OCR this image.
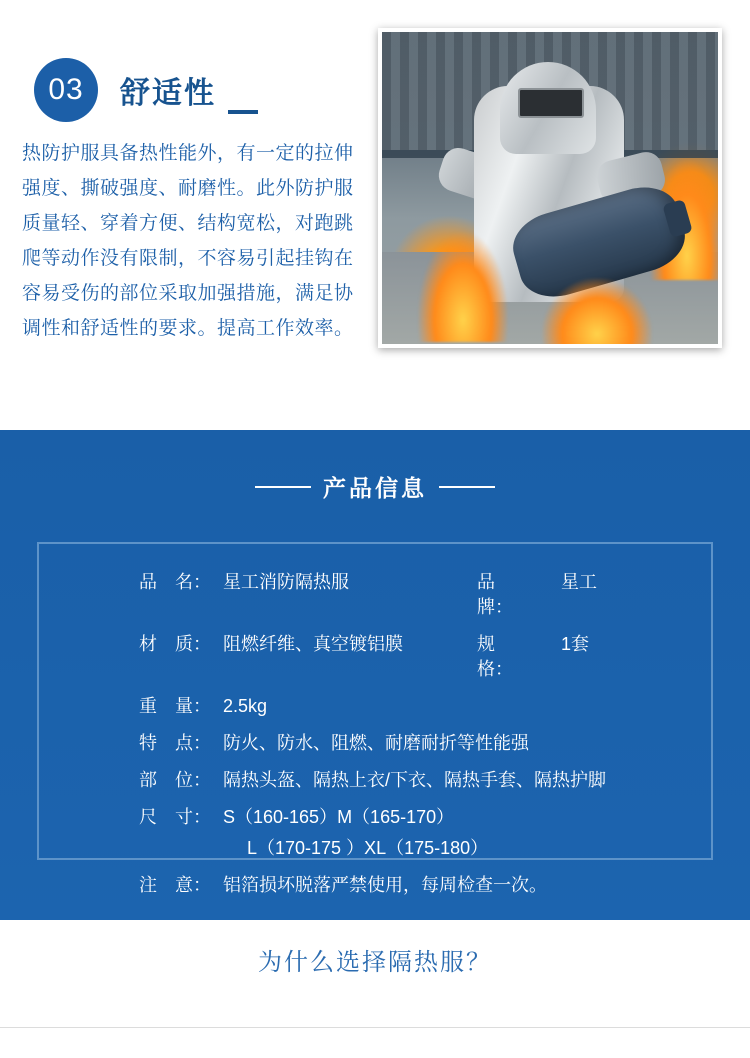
03	舒适性
热防护服具备热性能外，有一定的拉伸强度、撕破强度、耐磨性。此外防护服质量轻、穿着方便、结构宽松，对跑跳爬等动作没有限制，不容易引起挂钩在容易受伤的部位采取加强措施，满足协调性和舒适性的要求。提高工作效率。
产品信息
品　名： 星工消防隔热服	品　　牌：
星工
材　质： 阻燃纤维、真空镀铝膜	规　　格：
1套
重　量： 2.5kg
特　点： 防火、防水、阻燃、耐磨耐折等性能强
部　位： 隔热头盔、隔热上衣/下衣、隔热手套、隔热护脚
尺　寸： S（160-165）M（165-170）
L（170-175 ）XL（175-180）
注　意： 铝箔损坏脱落严禁使用，每周检查一次。
为什么选择隔热服？
